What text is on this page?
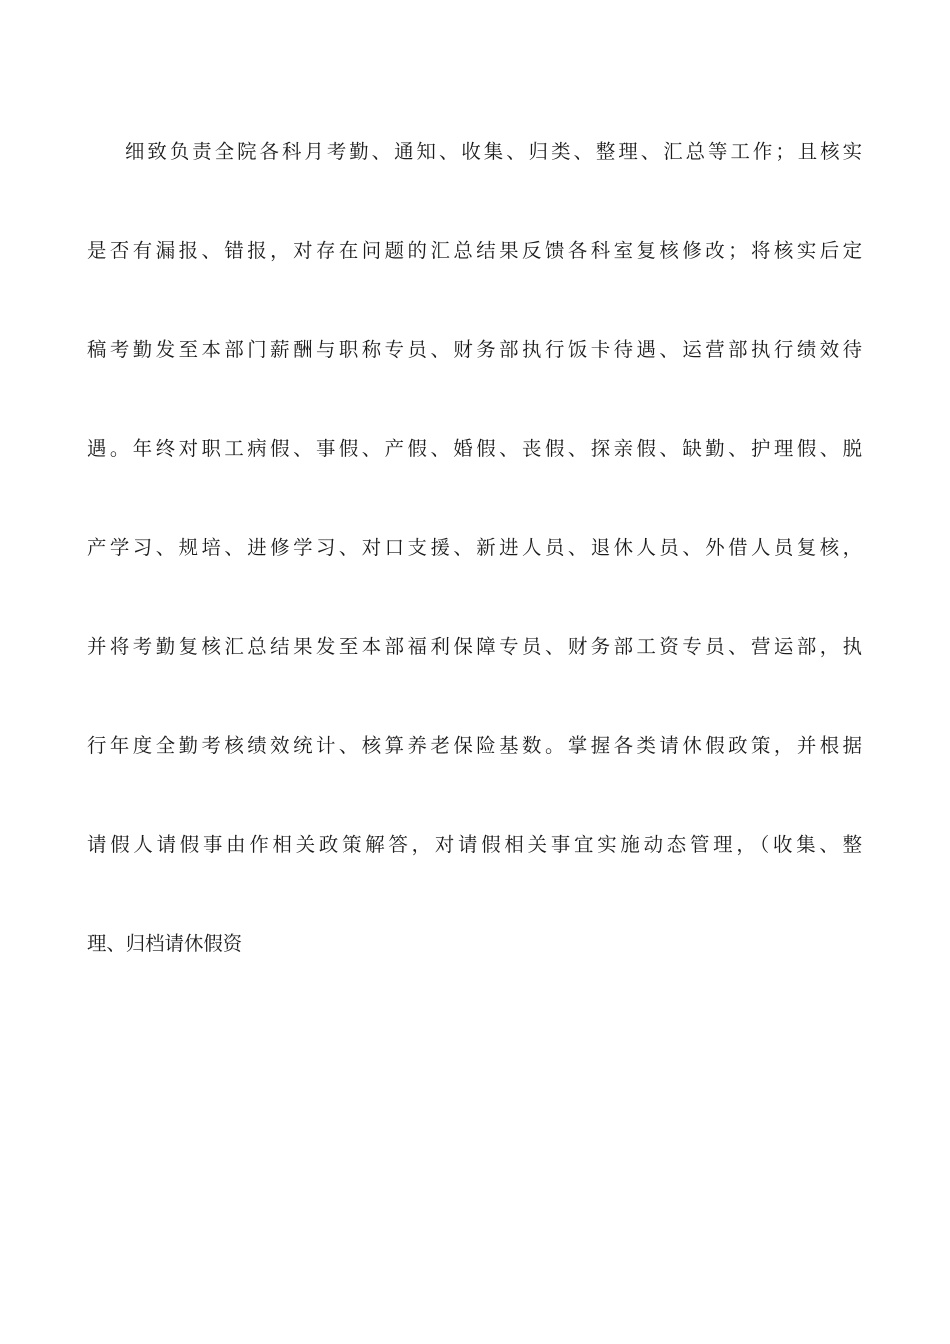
细致负责全院各科月考勤、通知、收集、归类、整理、汇总等工作；且核实
是否有漏报、错报，对存在问题的汇总结果反馈各科室复核修改；将核实后定
稿考勤发至本部门薪酬与职称专员、财务部执行饭卡待遇、运营部执行绩效待
遇。年终对职工病假、事假、产假、婚假、丧假、探亲假、缺勤、护理假、脱
产学习、规培、进修学习、对口支援、新进人员、退休人员、外借人员复核，
并将考勤复核汇总结果发至本部福利保障专员、财务部工资专员、营运部，执
行年度全勤考核绩效统计、核算养老保险基数。掌握各类请休假政策，并根据
请假人请假事由作相关政策解答，对请假相关事宜实施动态管理，（收集、整
理、归档请休假资
